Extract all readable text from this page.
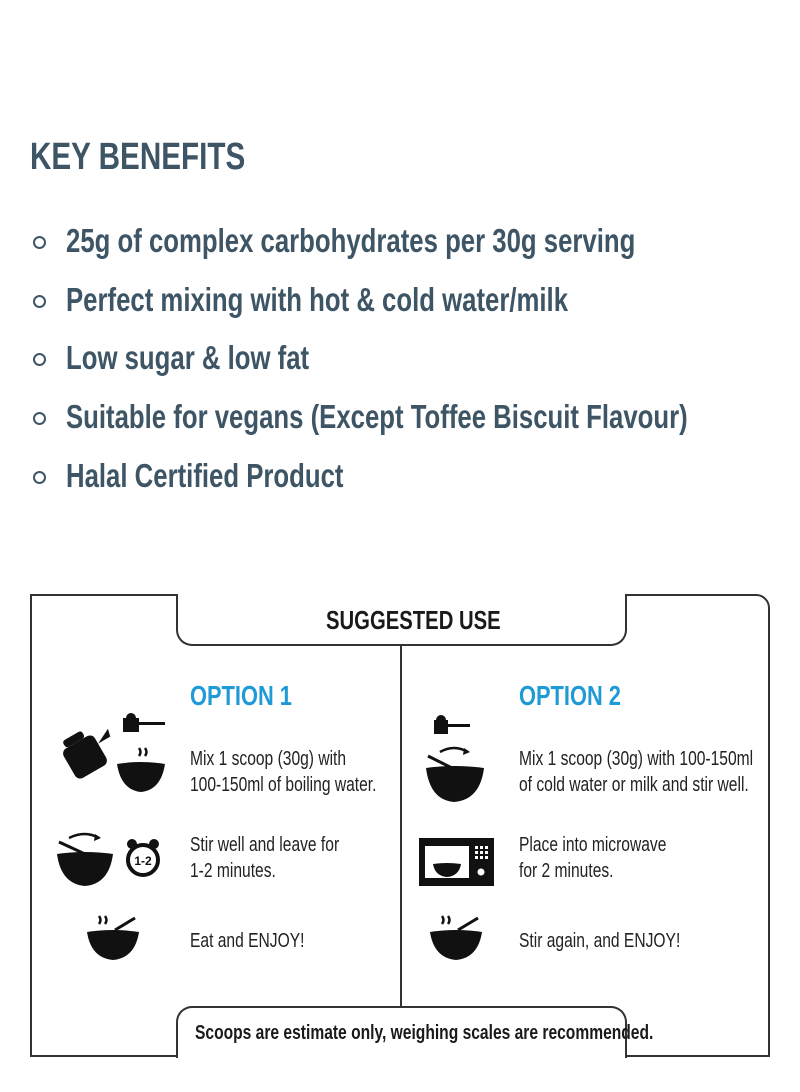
KEY BENEFITS
25g of complex carbohydrates per 30g serving
Perfect mixing with hot & cold water/milk
Low sugar & low fat
Suitable for vegans (Except Toffee Biscuit Flavour)
Halal Certified Product
SUGGESTED USE
OPTION 1
Mix 1 scoop (30g) with
100-150ml of boiling water.
1-2
Stir well and leave for
1-2 minutes.
Eat and ENJOY!
OPTION 2
Mix 1 scoop (30g) with 100-150ml
of cold water or milk and stir well.
Place into microwave
for 2 minutes.
Stir again, and ENJOY!
Scoops are estimate only, weighing scales are recommended.
